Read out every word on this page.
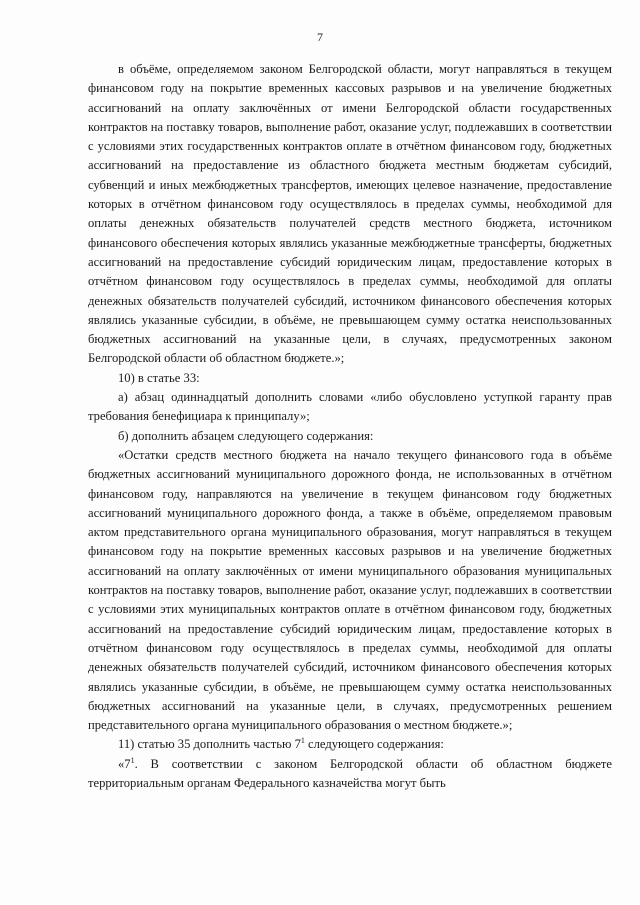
7

в объёме, определяемом законом Белгородской области, могут направляться в текущем финансовом году на покрытие временных кассовых разрывов и на увеличение бюджетных ассигнований на оплату заключённых от имени Белгородской области государственных контрактов на поставку товаров, выполнение работ, оказание услуг, подлежавших в соответствии с условиями этих государственных контрактов оплате в отчётном финансовом году, бюджетных ассигнований на предоставление из областного бюджета местным бюджетам субсидий, субвенций и иных межбюджетных трансфертов, имеющих целевое назначение, предоставление которых в отчётном финансовом году осуществлялось в пределах суммы, необходимой для оплаты денежных обязательств получателей средств местного бюджета, источником финансового обеспечения которых являлись указанные межбюджетные трансферты, бюджетных ассигнований на предоставление субсидий юридическим лицам, предоставление которых в отчётном финансовом году осуществлялось в пределах суммы, необходимой для оплаты денежных обязательств получателей субсидий, источником финансового обеспечения которых являлись указанные субсидии, в объёме, не превышающем сумму остатка неиспользованных бюджетных ассигнований на указанные цели, в случаях, предусмотренных законом Белгородской области об областном бюджете.»;

10) в статье 33:

а) абзац одиннадцатый дополнить словами «либо обусловлено уступкой гаранту прав требования бенефициара к принципалу»;

б) дополнить абзацем следующего содержания:

«Остатки средств местного бюджета на начало текущего финансового года в объёме бюджетных ассигнований муниципального дорожного фонда, не использованных в отчётном финансовом году, направляются на увеличение в текущем финансовом году бюджетных ассигнований муниципального дорожного фонда, а также в объёме, определяемом правовым актом представительного органа муниципального образования, могут направляться в текущем финансовом году на покрытие временных кассовых разрывов и на увеличение бюджетных ассигнований на оплату заключённых от имени муниципального образования муниципальных контрактов на поставку товаров, выполнение работ, оказание услуг, подлежавших в соответствии с условиями этих муниципальных контрактов оплате в отчётном финансовом году, бюджетных ассигнований на предоставление субсидий юридическим лицам, предоставление которых в отчётном финансовом году осуществлялось в пределах суммы, необходимой для оплаты денежных обязательств получателей субсидий, источником финансового обеспечения которых являлись указанные субсидии, в объёме, не превышающем сумму остатка неиспользованных бюджетных ассигнований на указанные цели, в случаях, предусмотренных решением представительного органа муниципального образования о местном бюджете.»;

11) статью 35 дополнить частью $7^1$ следующего содержания:

«$7^1$. В соответствии с законом Белгородской области об областном бюджете территориальным органам Федерального казначейства могут быть
